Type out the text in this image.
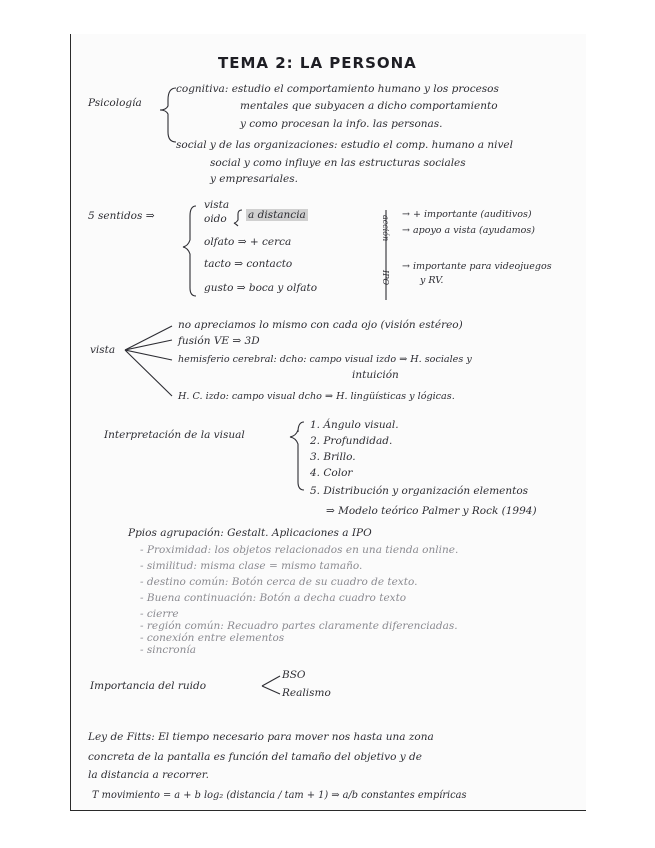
TEMA 2: LA PERSONA
Psicología
cognitiva: estudio el comportamiento humano y los procesos
mentales que subyacen a dicho comportamiento
y como procesan la info. las personas.
social y de las organizaciones: estudio el comp. humano a nivel
social y como influye en las estructuras sociales
y empresariales.
5 sentidos ⇒
vista
oido a distancia
olfato ⇒ + cerca
tacto ⇒ contacto
gusto ⇒ boca y olfato
acción
IPO
→ + importante (auditivos)
→ apoyo a vista (ayudamos)
→ importante para videojuegos
y RV.
vista
no apreciamos lo mismo con cada ojo (visión estéreo)
fusión VE ⇒ 3D
hemisferio cerebral: dcho: campo visual izdo ⇒ H. sociales y
intuición
H. C. izdo: campo visual dcho ⇒ H. lingüísticas y lógicas.
Interpretación de la visual
1. Ángulo visual.
2. Profundidad.
3. Brillo.
4. Color
5. Distribución y organización elementos
⇒ Modelo teórico Palmer y Rock (1994)
Ppios agrupación: Gestalt. Aplicaciones a IPO
- Proximidad: los objetos relacionados en una tienda online.
- similitud: misma clase = mismo tamaño.
- destino común: Botón cerca de su cuadro de texto.
- Buena continuación: Botón a decha cuadro texto
- cierre
- región común: Recuadro partes claramente diferenciadas.
- conexión entre elementos
- sincronía
Importancia del ruido
BSO
Realismo
Ley de Fitts: El tiempo necesario para mover nos hasta una zona
concreta de la pantalla es función del tamaño del objetivo y de
la distancia a recorrer.
T movimiento = a + b log₂ (distancia / tam + 1) ⇒ a/b constantes empíricas
